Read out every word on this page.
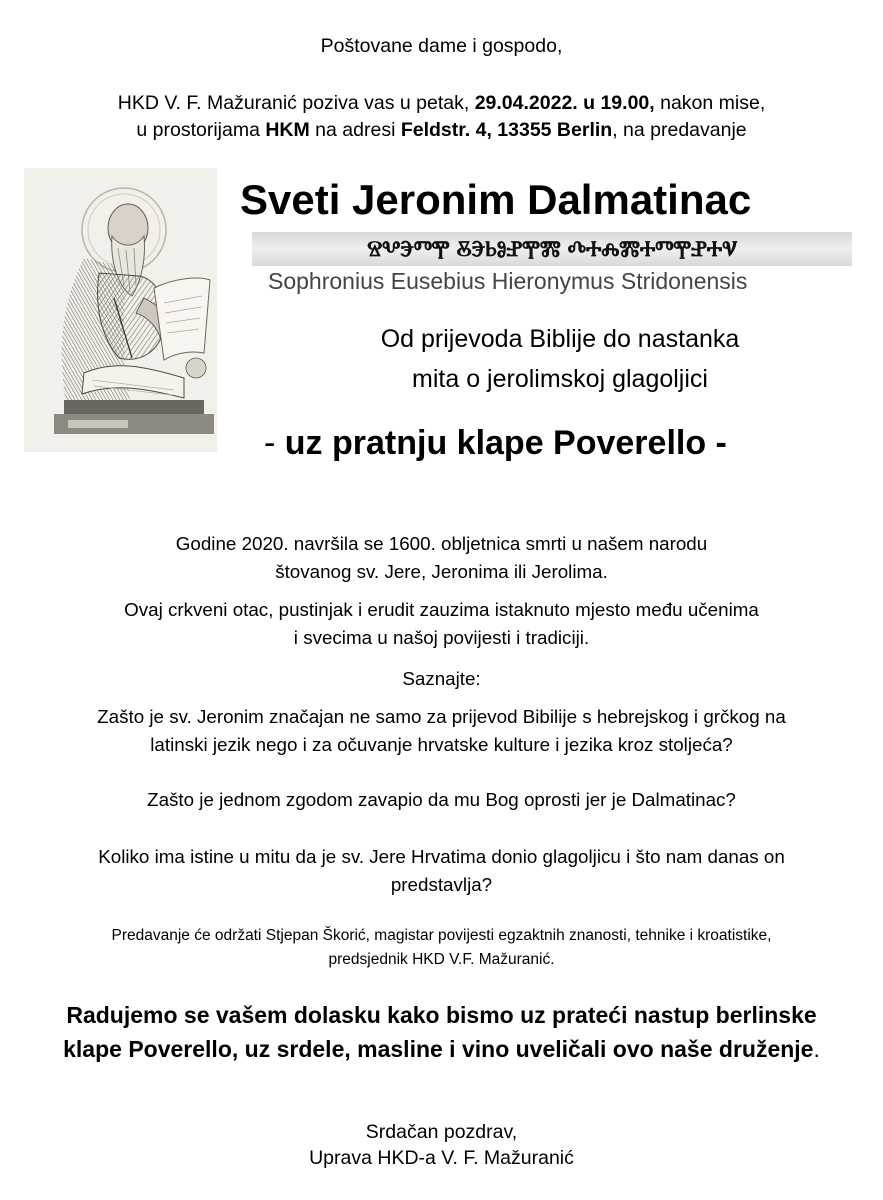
Poštovane dame i gospodo,
HKD V. F. Mažuranić poziva vas u petak, 29.04.2022. u 19.00, nakon mise,
u prostorijama HKM na adresi Feldstr. 4, 13355 Berlin, na predavanje
Sveti Jeronim Dalmatinac
ⰔⰂⰅⰕⰉ ⰋⰅⰓⰑⰐⰉⰏ ⰄⰀⰎⰏⰀⰕⰉⰐⰀⰜ
Sophronius Eusebius Hieronymus Stridonensis
Od prijevoda Biblije do nastanka
mita o jerolimskoj glagoljici
- uz pratnju klape Poverello -
Godine 2020. navršila se 1600. obljetnica smrti u našem narodu
štovanog sv. Jere, Jeronima ili Jerolima.
Ovaj crkveni otac, pustinjak i erudit zauzima istaknuto mjesto među učenima
i svecima u našoj povijesti i tradiciji.
Saznajte:
Zašto je sv. Jeronim značajan ne samo za prijevod Bibilije s hebrejskog i grčkog na
latinski jezik nego i za očuvanje hrvatske kulture i jezika kroz stoljeća?
Zašto je jednom zgodom zavapio da mu Bog oprosti jer je Dalmatinac?
Koliko ima istine u mitu da je sv. Jere Hrvatima donio glagoljicu i što nam danas on
predstavlja?
Predavanje će održati Stjepan Škorić, magistar povijesti egzaktnih znanosti, tehnike i kroatistike,
predsjednik HKD V.F. Mažuranić.
Radujemo se vašem dolasku kako bismo uz prateći nastup berlinske
klape Poverello, uz srdele, masline i vino uveličali ovo naše druženje.
Srdačan pozdrav,
Uprava HKD-a V. F. Mažuranić
